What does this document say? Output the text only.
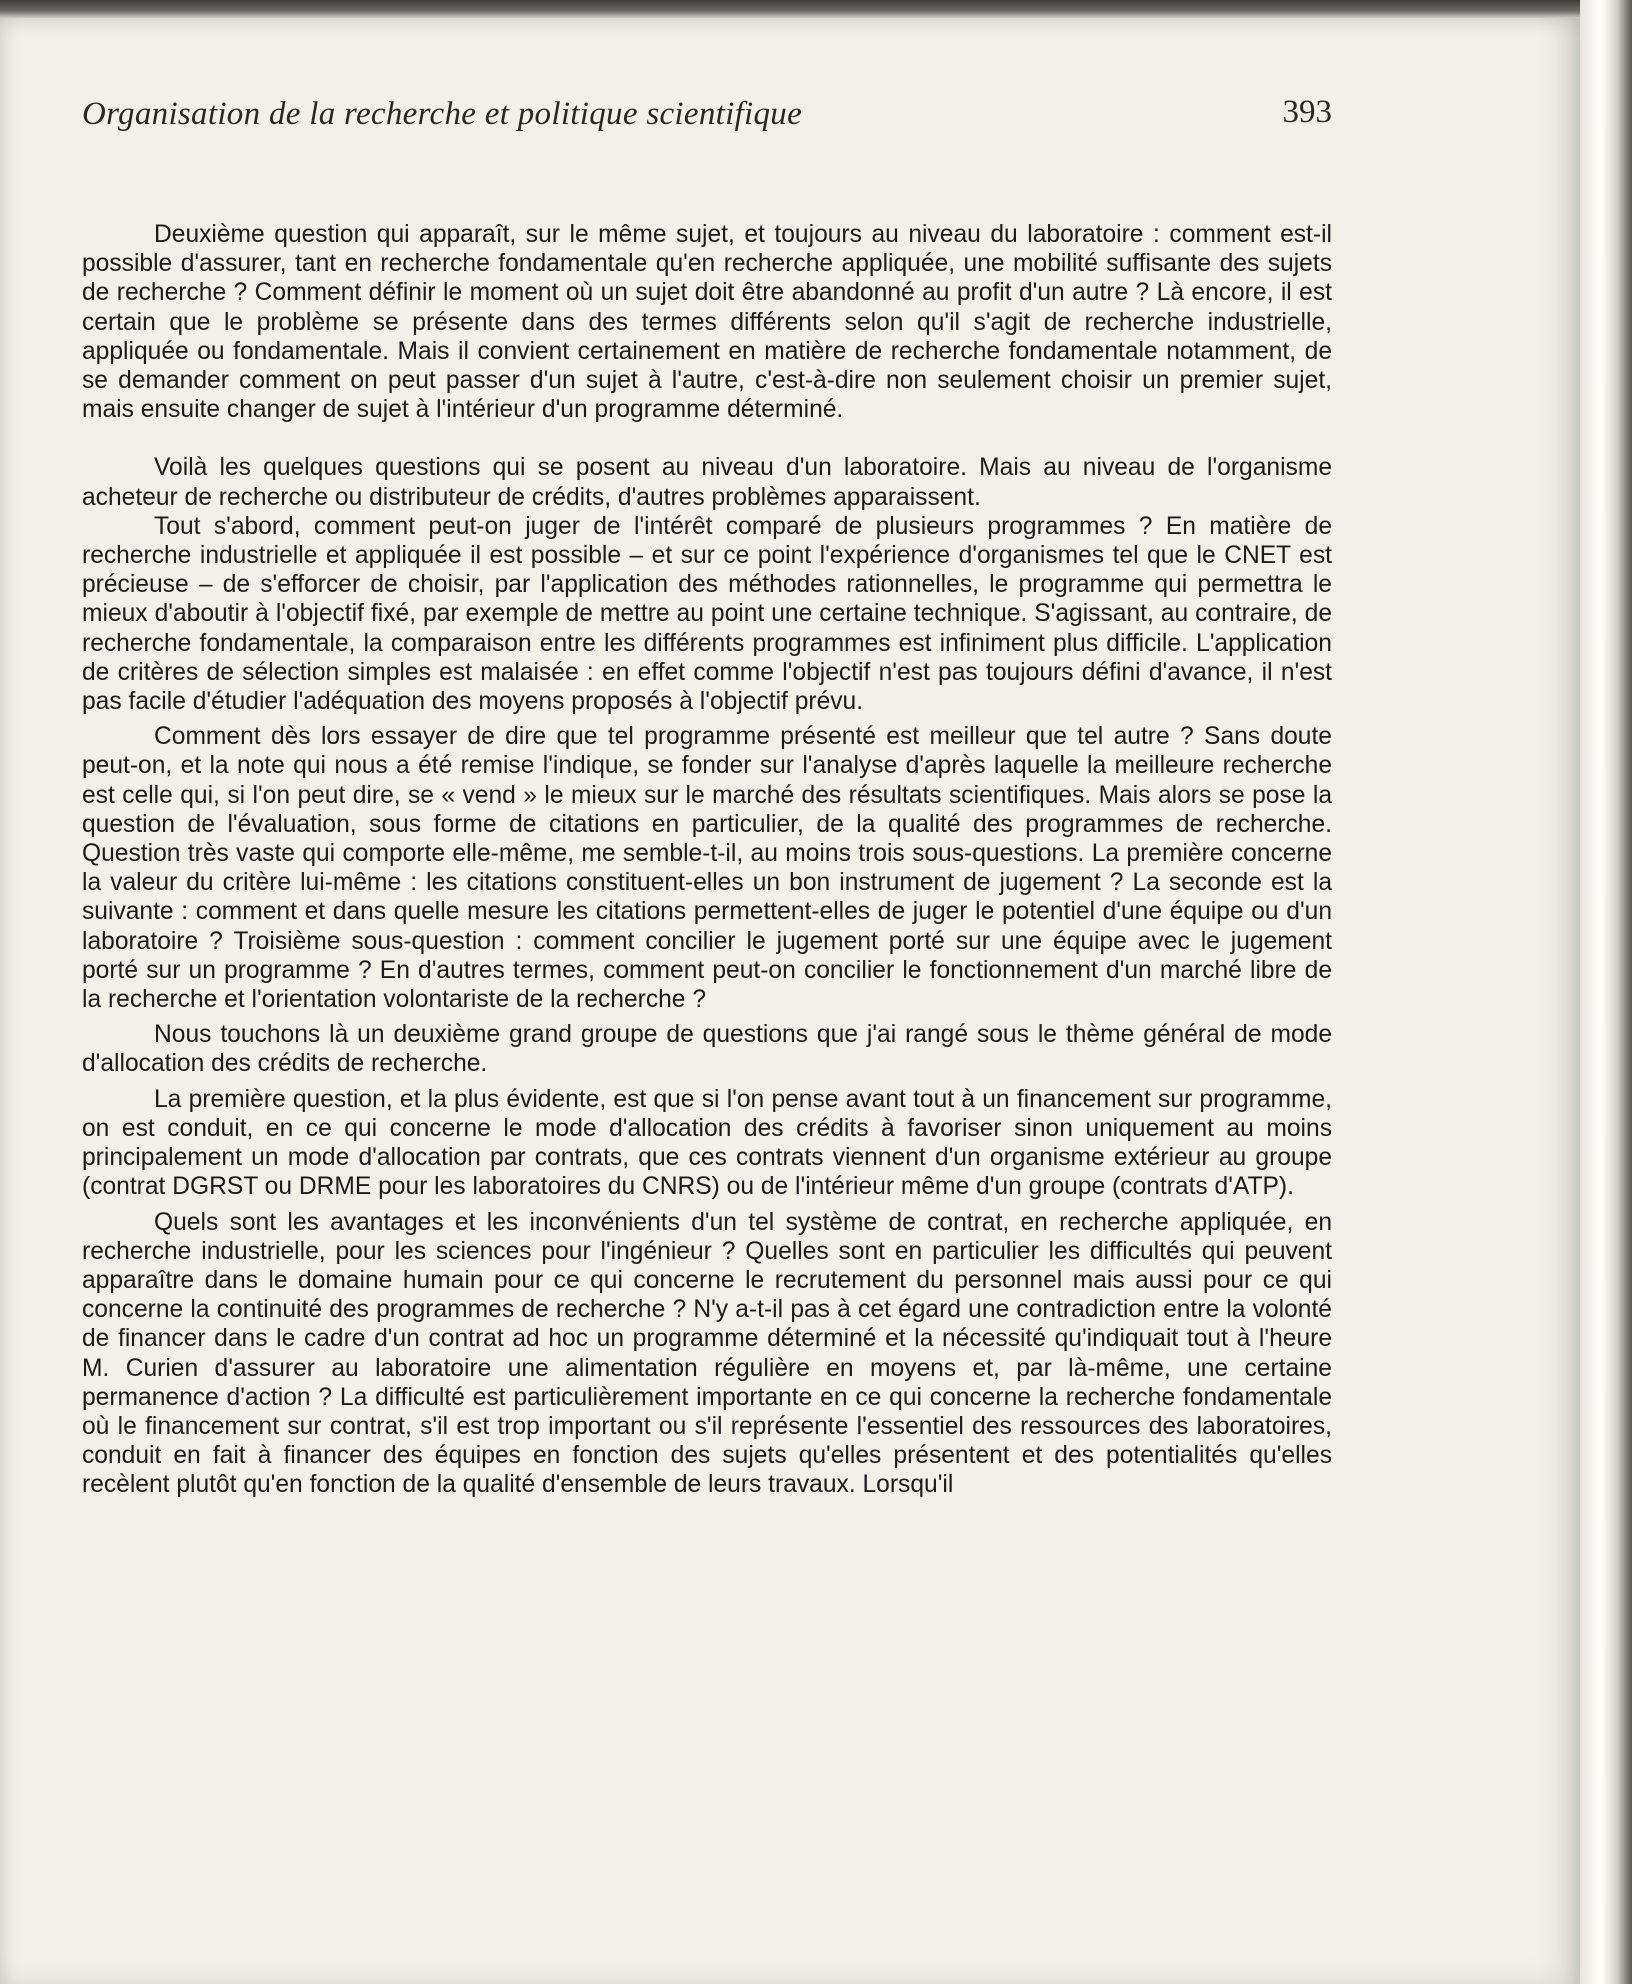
Organisation de la recherche et politique scientifique	393

Deuxième question qui apparaît, sur le même sujet, et toujours au niveau du laboratoire : comment est-il possible d'assurer, tant en recherche fondamentale qu'en recherche appliquée, une mobilité suffisante des sujets de recherche ? Comment définir le moment où un sujet doit être abandonné au profit d'un autre ? Là encore, il est certain que le problème se présente dans des termes différents selon qu'il s'agit de recherche industrielle, appliquée ou fondamentale. Mais il convient certainement en matière de recherche fondamentale notamment, de se demander comment on peut passer d'un sujet à l'autre, c'est-à-dire non seulement choisir un premier sujet, mais ensuite changer de sujet à l'intérieur d'un programme déterminé.

Voilà les quelques questions qui se posent au niveau d'un laboratoire. Mais au niveau de l'organisme acheteur de recherche ou distributeur de crédits, d'autres problèmes apparaissent.

Tout s'abord, comment peut-on juger de l'intérêt comparé de plusieurs programmes ? En matière de recherche industrielle et appliquée il est possible – et sur ce point l'expérience d'organismes tel que le CNET est précieuse – de s'efforcer de choisir, par l'application des méthodes rationnelles, le programme qui permettra le mieux d'aboutir à l'objectif fixé, par exemple de mettre au point une certaine technique. S'agissant, au contraire, de recherche fondamentale, la comparaison entre les différents programmes est infiniment plus difficile. L'application de critères de sélection simples est malaisée : en effet comme l'objectif n'est pas toujours défini d'avance, il n'est pas facile d'étudier l'adéquation des moyens proposés à l'objectif prévu.

Comment dès lors essayer de dire que tel programme présenté est meilleur que tel autre ? Sans doute peut-on, et la note qui nous a été remise l'indique, se fonder sur l'analyse d'après laquelle la meilleure recherche est celle qui, si l'on peut dire, se « vend » le mieux sur le marché des résultats scientifiques. Mais alors se pose la question de l'évaluation, sous forme de citations en particulier, de la qualité des programmes de recherche. Question très vaste qui comporte elle-même, me semble-t-il, au moins trois sous-questions. La première concerne la valeur du critère lui-même : les citations constituent-elles un bon instrument de jugement ? La seconde est la suivante : comment et dans quelle mesure les citations permettent-elles de juger le potentiel d'une équipe ou d'un laboratoire ? Troisième sous-question : comment concilier le jugement porté sur une équipe avec le jugement porté sur un programme ? En d'autres termes, comment peut-on concilier le fonctionnement d'un marché libre de la recherche et l'orientation volontariste de la recherche ?

Nous touchons là un deuxième grand groupe de questions que j'ai rangé sous le thème général de mode d'allocation des crédits de recherche.

La première question, et la plus évidente, est que si l'on pense avant tout à un financement sur programme, on est conduit, en ce qui concerne le mode d'allocation des crédits à favoriser sinon uniquement au moins principalement un mode d'allocation par contrats, que ces contrats viennent d'un organisme extérieur au groupe (contrat DGRST ou DRME pour les laboratoires du CNRS) ou de l'intérieur même d'un groupe (contrats d'ATP).

Quels sont les avantages et les inconvénients d'un tel système de contrat, en recherche appliquée, en recherche industrielle, pour les sciences pour l'ingénieur ? Quelles sont en particulier les difficultés qui peuvent apparaître dans le domaine humain pour ce qui concerne le recrutement du personnel mais aussi pour ce qui concerne la continuité des programmes de recherche ? N'y a-t-il pas à cet égard une contradiction entre la volonté de financer dans le cadre d'un contrat ad hoc un programme déterminé et la nécessité qu'indiquait tout à l'heure M. Curien d'assurer au laboratoire une alimentation régulière en moyens et, par là-même, une certaine permanence d'action ? La difficulté est particulièrement importante en ce qui concerne la recherche fondamentale où le financement sur contrat, s'il est trop important ou s'il représente l'essentiel des ressources des laboratoires, conduit en fait à financer des équipes en fonction des sujets qu'elles présentent et des potentialités qu'elles recèlent plutôt qu'en fonction de la qualité d'ensemble de leurs travaux. Lorsqu'il
